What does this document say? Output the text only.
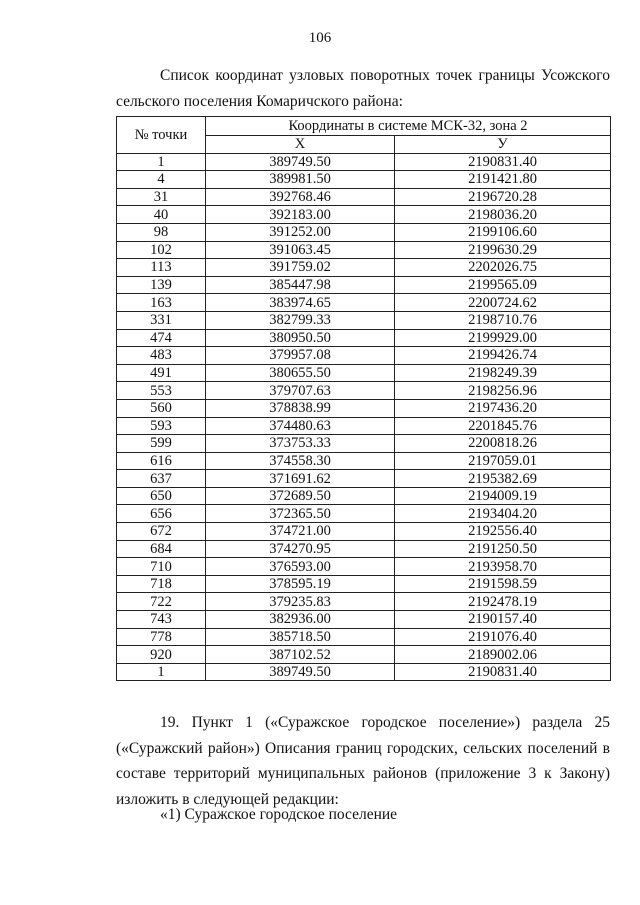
106

Список координат узловых поворотных точек границы Усожского сельского поселения Комаричского района:

№ точки	Координаты в системе МСК-32, зона 2	
	X	У
1	389749.50	2190831.40
4	389981.50	2191421.80
31	392768.46	2196720.28
40	392183.00	2198036.20
98	391252.00	2199106.60
102	391063.45	2199630.29
113	391759.02	2202026.75
139	385447.98	2199565.09
163	383974.65	2200724.62
331	382799.33	2198710.76
474	380950.50	2199929.00
483	379957.08	2199426.74
491	380655.50	2198249.39
553	379707.63	2198256.96
560	378838.99	2197436.20
593	374480.63	2201845.76
599	373753.33	2200818.26
616	374558.30	2197059.01
637	371691.62	2195382.69
650	372689.50	2194009.19
656	372365.50	2193404.20
672	374721.00	2192556.40
684	374270.95	2191250.50
710	376593.00	2193958.70
718	378595.19	2191598.59
722	379235.83	2192478.19
743	382936.00	2190157.40
778	385718.50	2191076.40
920	387102.52	2189002.06
1	389749.50	2190831.40

19. Пункт 1 («Суражское городское поселение») раздела 25 («Суражский район») Описания границ городских, сельских поселений в составе территорий муниципальных районов (приложение 3 к Закону) изложить в следующей редакции:

«1) Суражское городское поселение
